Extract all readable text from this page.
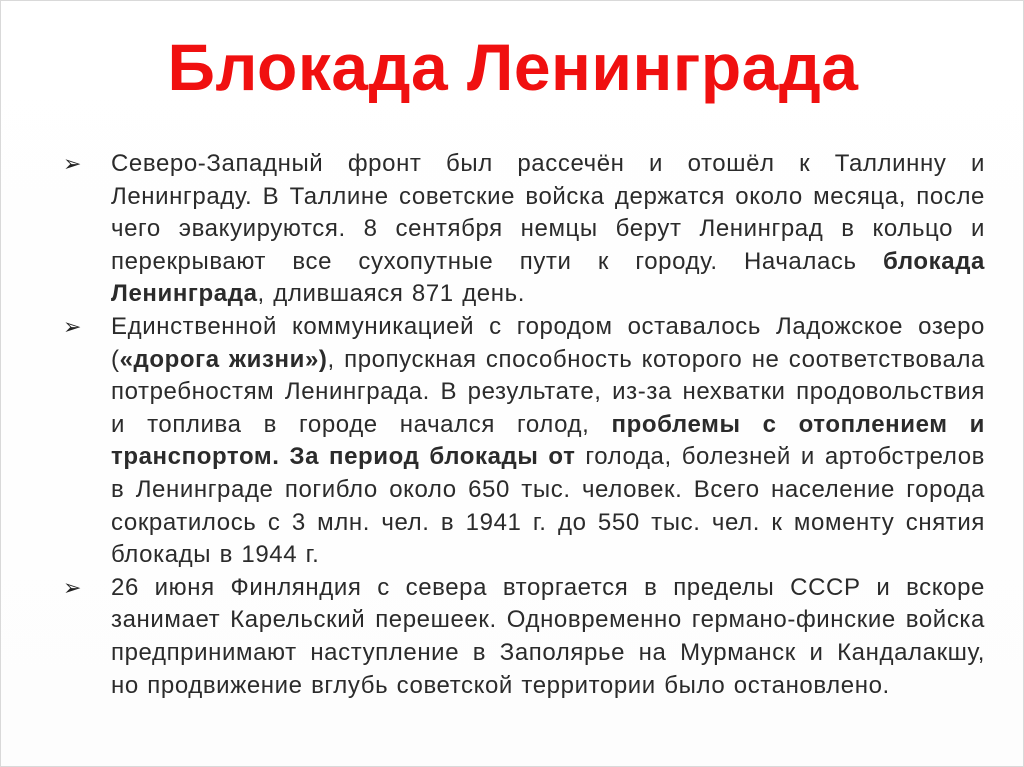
Блокада Ленинграда
➢ Северо-Западный фронт был рассечён и отошёл к Таллинну и Ленинграду. В Таллине советские войска держатся около месяца, после чего эвакуируются. 8 сентября немцы берут Ленинград в кольцо и перекрывают все сухопутные пути к городу. Началась блокада Ленинграда, длившаяся 871 день.
➢ Единственной коммуникацией с городом оставалось Ладожское озеро («дорога жизни»), пропускная способность которого не соответствовала потребностям Ленинграда. В результате, из-за нехватки продовольствия и топлива в городе начался голод, проблемы с отоплением и транспортом. За период блокады от голода, болезней и артобстрелов в Ленинграде погибло около 650 тыс. человек. Всего население города сократилось с 3 млн. чел. в 1941 г. до 550 тыс. чел. к моменту снятия блокады в 1944 г.
➢ 26 июня Финляндия с севера вторгается в пределы СССР и вскоре занимает Карельский перешеек. Одновременно германо-финские войска предпринимают наступление в Заполярье на Мурманск и Кандалакшу, но продвижение вглубь советской территории было остановлено.
